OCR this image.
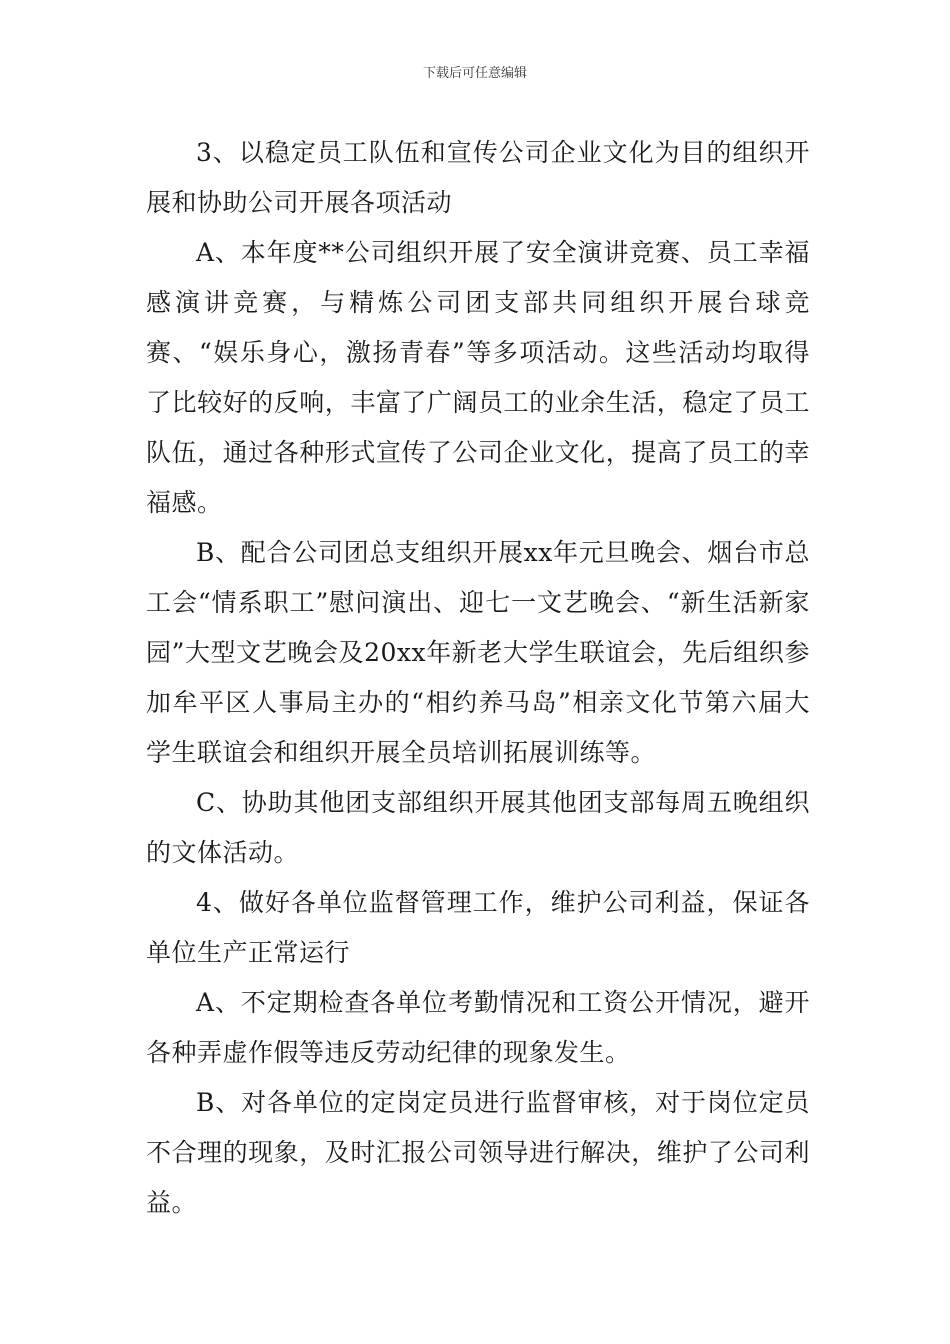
下载后可任意编辑

3、以稳定员工队伍和宣传公司企业文化为目的组织开展和协助公司开展各项活动

A、本年度**公司组织开展了安全演讲竞赛、员工幸福感演讲竞赛，与精炼公司团支部共同组织开展台球竞赛、“娱乐身心，激扬青春”等多项活动。这些活动均取得了比较好的反响，丰富了广阔员工的业余生活，稳定了员工队伍，通过各种形式宣传了公司企业文化，提高了员工的幸福感。

B、配合公司团总支组织开展xx年元旦晚会、烟台市总工会“情系职工”慰问演出、迎七一文艺晚会、“新生活新家园”大型文艺晚会及20xx年新老大学生联谊会，先后组织参加牟平区人事局主办的“相约养马岛”相亲文化节第六届大学生联谊会和组织开展全员培训拓展训练等。

C、协助其他团支部组织开展其他团支部每周五晚组织的文体活动。

4、做好各单位监督管理工作，维护公司利益，保证各单位生产正常运行

A、不定期检查各单位考勤情况和工资公开情况，避开各种弄虚作假等违反劳动纪律的现象发生。

B、对各单位的定岗定员进行监督审核，对于岗位定员不合理的现象，及时汇报公司领导进行解决，维护了公司利益。
